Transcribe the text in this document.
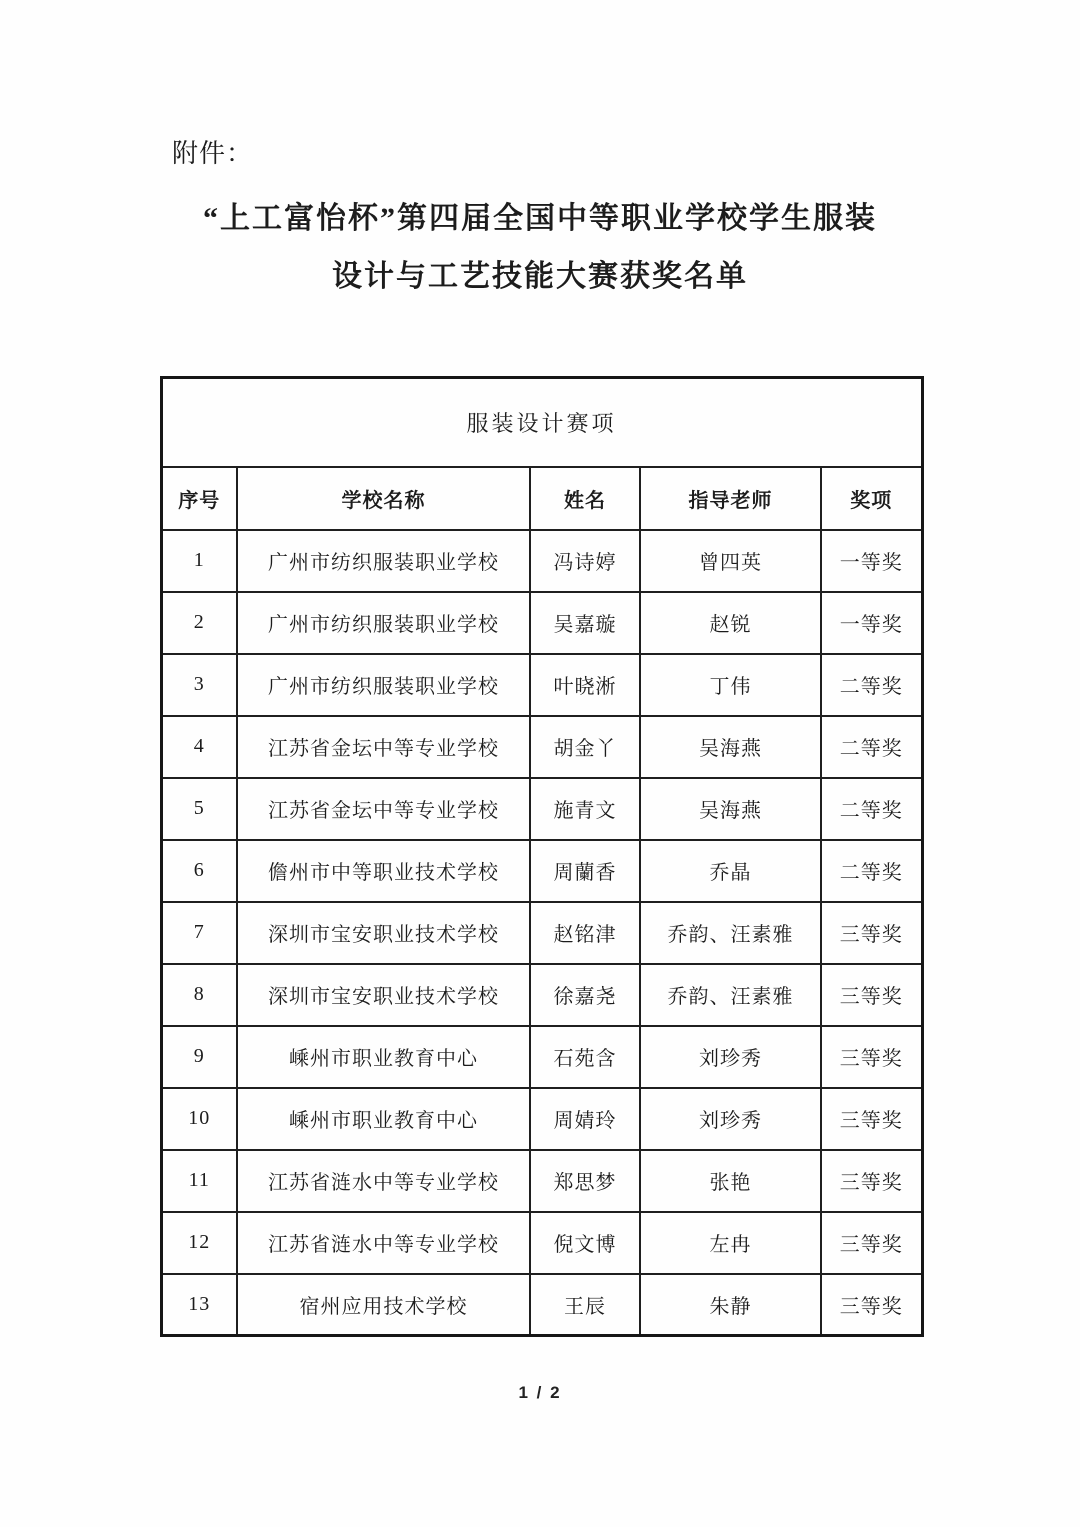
附件：
“上工富怡杯”第四届全国中等职业学校学生服装
设计与工艺技能大赛获奖名单
服装设计赛项				
序号	学校名称	姓名	指导老师	奖项
1	广州市纺织服装职业学校	冯诗婷	曾四英	一等奖
2	广州市纺织服装职业学校	吴嘉璇	赵锐	一等奖
3	广州市纺织服装职业学校	叶晓淅	丁伟	二等奖
4	江苏省金坛中等专业学校	胡金丫	吴海燕	二等奖
5	江苏省金坛中等专业学校	施青文	吴海燕	二等奖
6	儋州市中等职业技术学校	周蘭香	乔晶	二等奖
7	深圳市宝安职业技术学校	赵铭津	乔韵、汪素雅	三等奖
8	深圳市宝安职业技术学校	徐嘉尧	乔韵、汪素雅	三等奖
9	嵊州市职业教育中心	石苑含	刘珍秀	三等奖
10	嵊州市职业教育中心	周婧玲	刘珍秀	三等奖
11	江苏省涟水中等专业学校	郑思梦	张艳	三等奖
12	江苏省涟水中等专业学校	倪文博	左冉	三等奖
13	宿州应用技术学校	王辰	朱静	三等奖
1 / 2
